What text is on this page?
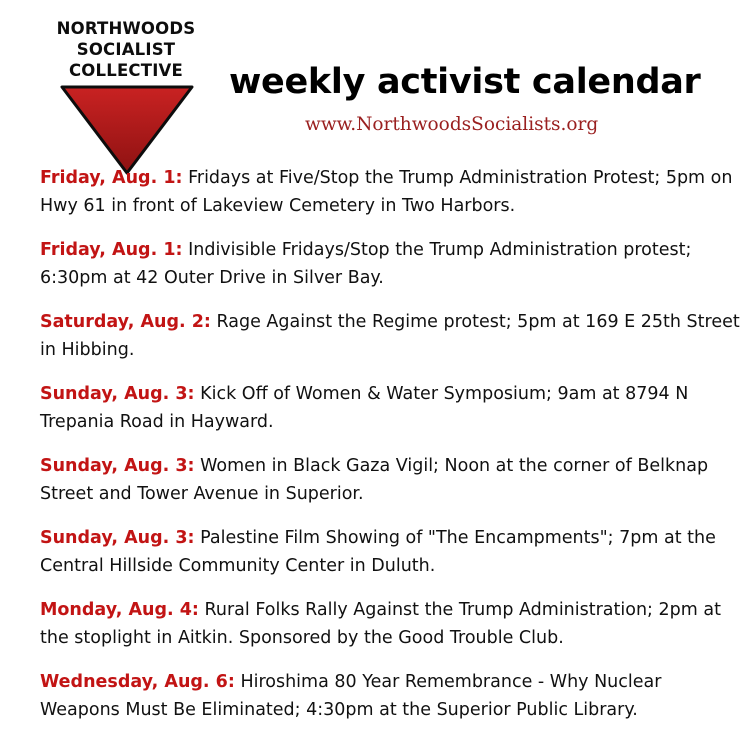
NORTHWOODS
SOCIALIST
COLLECTIVE	weekly activist calendar
www.NorthwoodsSocialists.org
Friday, Aug. 1: Fridays at Five/Stop the Trump Administration Protest; 5pm on Hwy 61 in front of Lakeview Cemetery in Two Harbors.
Friday, Aug. 1: Indivisible Fridays/Stop the Trump Administration protest; 6:30pm at 42 Outer Drive in Silver Bay.
Saturday, Aug. 2: Rage Against the Regime protest; 5pm at 169 E 25th Street in Hibbing.
Sunday, Aug. 3: Kick Off of Women & Water Symposium; 9am at 8794 N Trepania Road in Hayward.
Sunday, Aug. 3: Women in Black Gaza Vigil; Noon at the corner of Belknap Street and Tower Avenue in Superior.
Sunday, Aug. 3: Palestine Film Showing of "The Encampments"; 7pm at the Central Hillside Community Center in Duluth.
Monday, Aug. 4: Rural Folks Rally Against the Trump Administration; 2pm at the stoplight in Aitkin. Sponsored by the Good Trouble Club.
Wednesday, Aug. 6: Hiroshima 80 Year Remembrance - Why Nuclear Weapons Must Be Eliminated; 4:30pm at the Superior Public Library.
